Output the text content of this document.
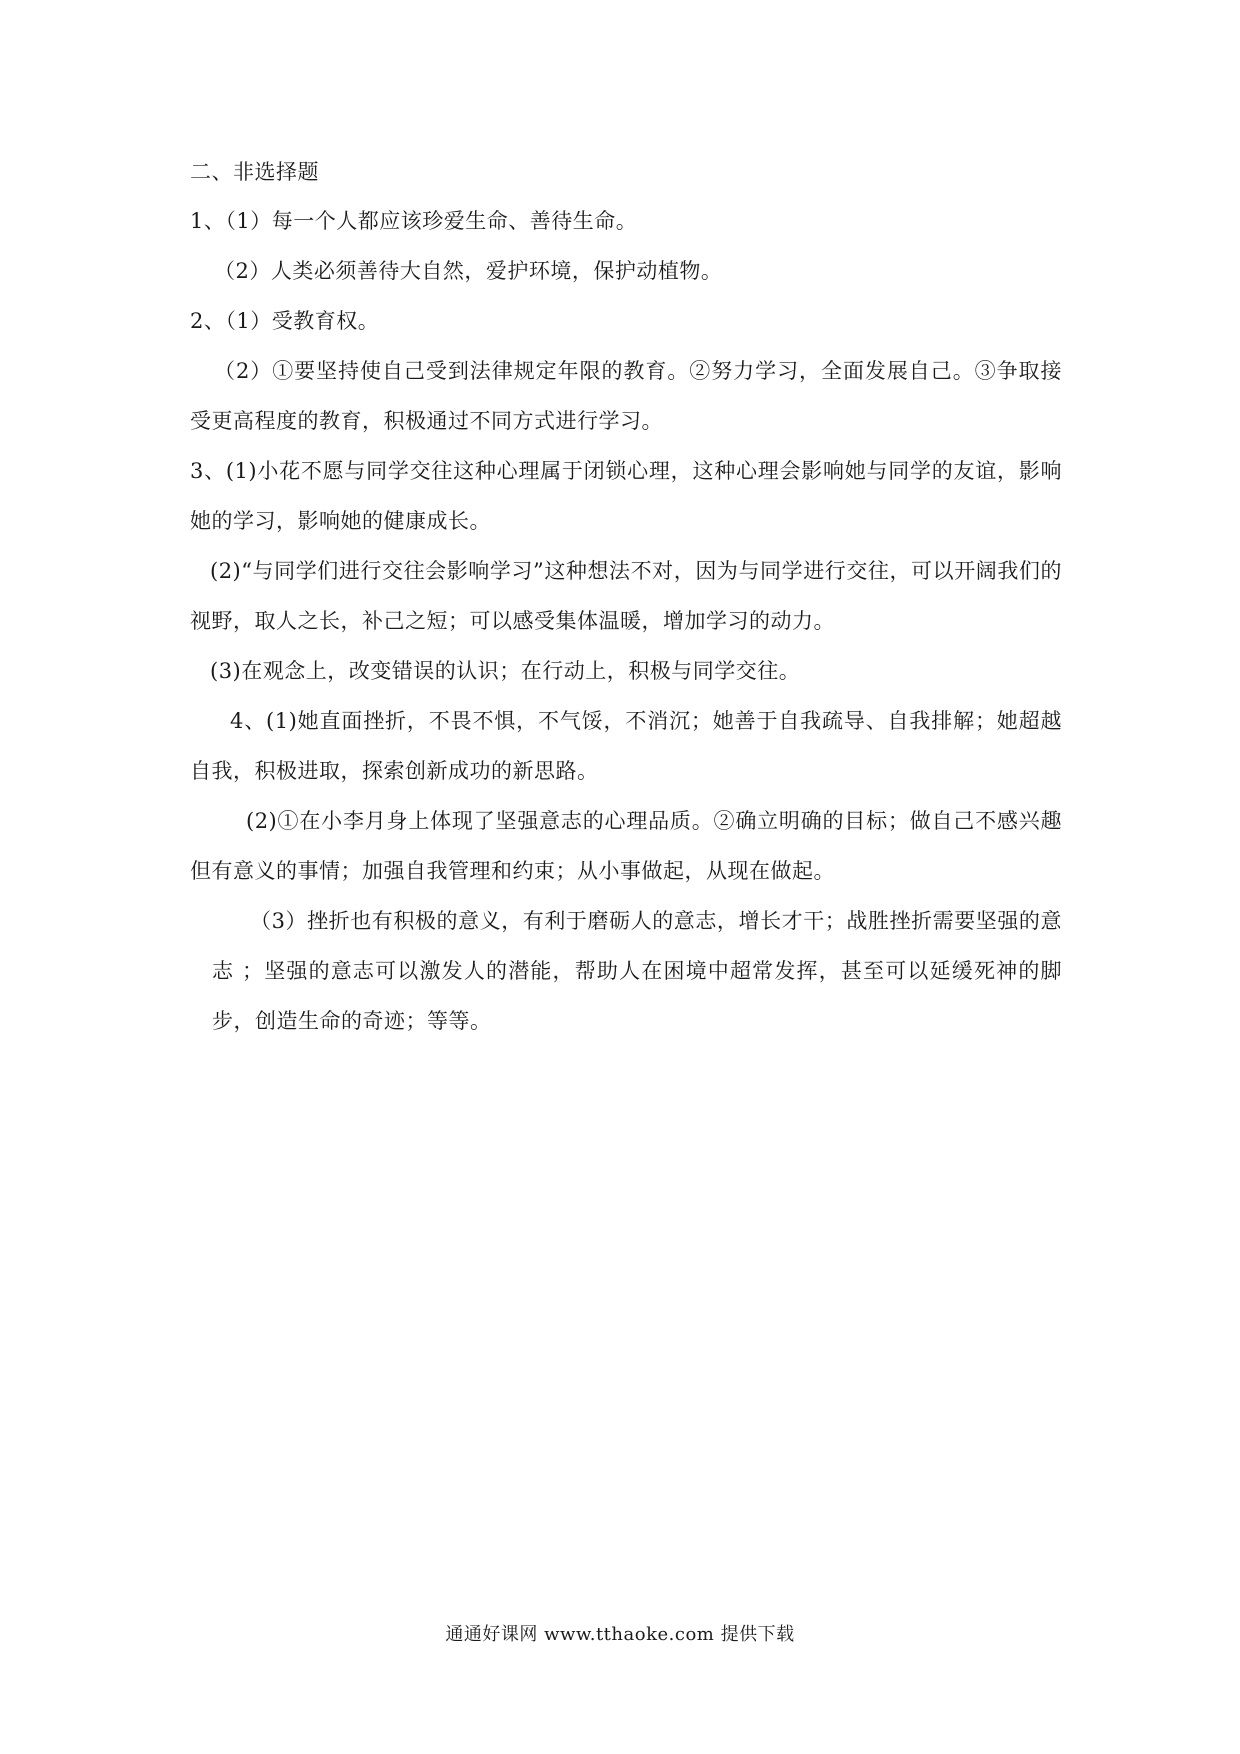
二、非选择题
1、（1）每一个人都应该珍爱生命、善待生命。
（2）人类必须善待大自然，爱护环境，保护动植物。
2、（1）受教育权。
（2）①要坚持使自己受到法律规定年限的教育。②努力学习，全面发展自己。③争取接受更高程度的教育，积极通过不同方式进行学习。
3、(1)小花不愿与同学交往这种心理属于闭锁心理，这种心理会影响她与同学的友谊，影响她的学习，影响她的健康成长。
(2)“与同学们进行交往会影响学习”这种想法不对，因为与同学进行交往，可以开阔我们的视野，取人之长，补己之短；可以感受集体温暖，增加学习的动力。
(3)在观念上，改变错误的认识；在行动上，积极与同学交往。
4、(1)她直面挫折，不畏不惧，不气馁，不消沉；她善于自我疏导、自我排解；她超越自我，积极进取，探索创新成功的新思路。
(2)①在小李月身上体现了坚强意志的心理品质。②确立明确的目标；做自己不感兴趣但有意义的事情；加强自我管理和约束；从小事做起，从现在做起。
（3）挫折也有积极的意义，有利于磨砺人的意志，增长才干；战胜挫折需要坚强的意志 ；坚强的意志可以激发人的潜能，帮助人在困境中超常发挥，甚至可以延缓死神的脚步，创造生命的奇迹；等等。
通通好课网 www.tthaoke.com 提供下载
